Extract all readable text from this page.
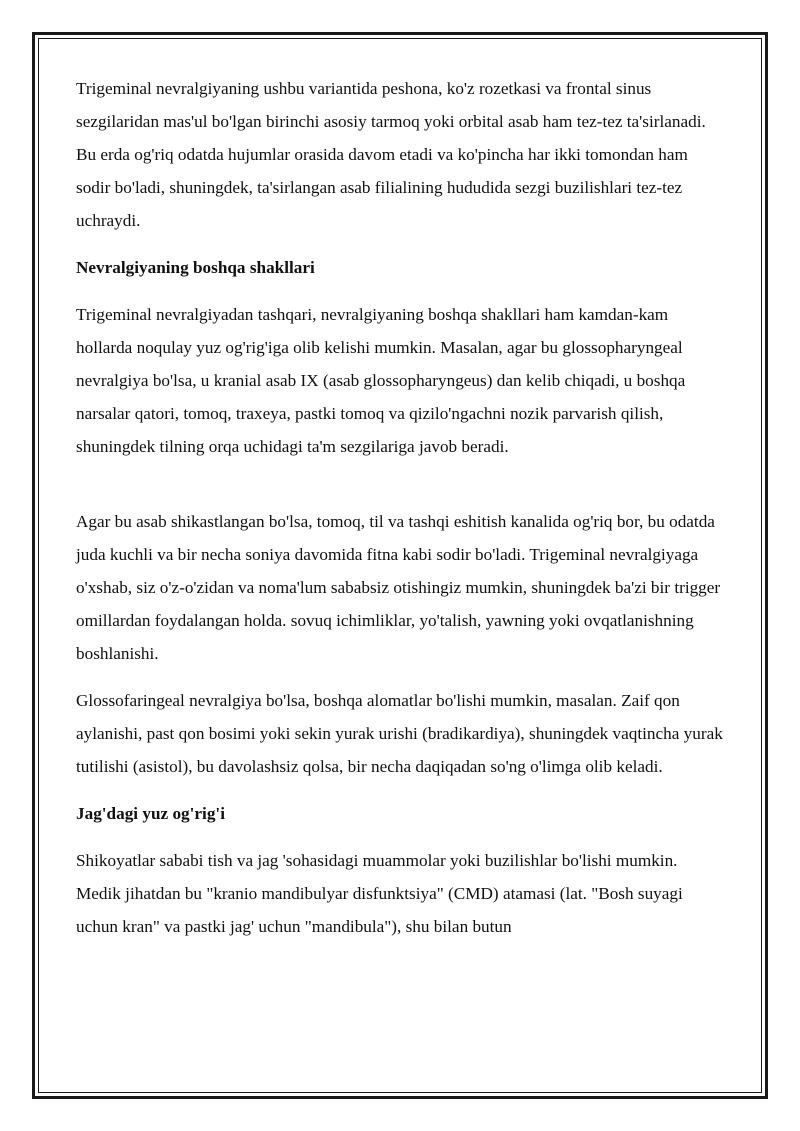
Trigeminal nevralgiyaning ushbu variantida peshona, ko'z rozetkasi va frontal sinus sezgilaridan mas'ul bo'lgan birinchi asosiy tarmoq yoki orbital asab ham tez-tez ta'sirlanadi. Bu erda og'riq odatda hujumlar orasida davom etadi va ko'pincha har ikki tomondan ham sodir bo'ladi, shuningdek, ta'sirlangan asab filialining hududida sezgi buzilishlari tez-tez uchraydi.

Nevralgiyaning boshqa shakllari

Trigeminal nevralgiyadan tashqari, nevralgiyaning boshqa shakllari ham kamdan-kam hollarda noqulay yuz og'rig'iga olib kelishi mumkin. Masalan, agar bu glossopharyngeal nevralgiya bo'lsa, u kranial asab IX (asab glossopharyngeus) dan kelib chiqadi, u boshqa narsalar qatori, tomoq, traxeya, pastki tomoq va qizilo'ngachni nozik parvarish qilish, shuningdek tilning orqa uchidagi ta'm sezgilariga javob beradi.

Agar bu asab shikastlangan bo'lsa, tomoq, til va tashqi eshitish kanalida og'riq bor, bu odatda juda kuchli va bir necha soniya davomida fitna kabi sodir bo'ladi. Trigeminal nevralgiyaga o'xshab, siz o'z-o'zidan va noma'lum sababsiz otishingiz mumkin, shuningdek ba'zi bir trigger omillardan foydalangan holda. sovuq ichimliklar, yo'talish, yawning yoki ovqatlanishning boshlanishi.

Glossofaringeal nevralgiya bo'lsa, boshqa alomatlar bo'lishi mumkin, masalan. Zaif qon aylanishi, past qon bosimi yoki sekin yurak urishi (bradikardiya), shuningdek vaqtincha yurak tutilishi (asistol), bu davolashsiz qolsa, bir necha daqiqadan so'ng o'limga olib keladi.

Jag'dagi yuz og'rig'i

Shikoyatlar sababi tish va jag 'sohasidagi muammolar yoki buzilishlar bo'lishi mumkin. Medik jihatdan bu "kranio mandibulyar disfunktsiya" (CMD) atamasi (lat. "Bosh suyagi uchun kran" va pastki jag' uchun "mandibula"), shu bilan butun
